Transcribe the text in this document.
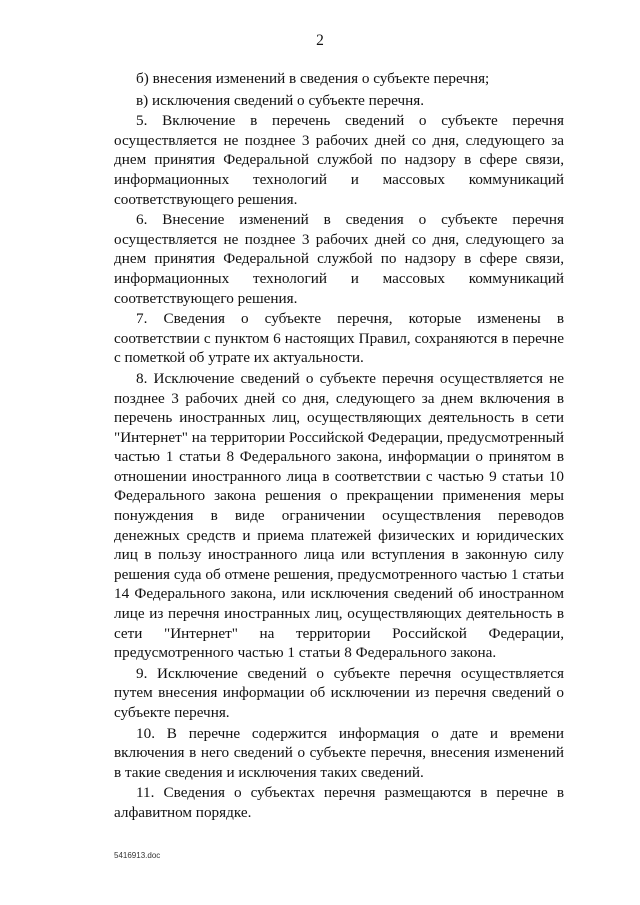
2

б) внесения изменений в сведения о субъекте перечня;

в) исключения сведений о субъекте перечня.

5. Включение в перечень сведений о субъекте перечня осуществляется не позднее 3 рабочих дней со дня, следующего за днем принятия Федеральной службой по надзору в сфере связи, информационных технологий и массовых коммуникаций соответствующего решения.

6. Внесение изменений в сведения о субъекте перечня осуществляется не позднее 3 рабочих дней со дня, следующего за днем принятия Федеральной службой по надзору в сфере связи, информационных технологий и массовых коммуникаций соответствующего решения.

7. Сведения о субъекте перечня, которые изменены в соответствии с пунктом 6 настоящих Правил, сохраняются в перечне с пометкой об утрате их актуальности.

8. Исключение сведений о субъекте перечня осуществляется не позднее 3 рабочих дней со дня, следующего за днем включения в перечень иностранных лиц, осуществляющих деятельность в сети "Интернет" на территории Российской Федерации, предусмотренный частью 1 статьи 8 Федерального закона, информации о принятом в отношении иностранного лица в соответствии с частью 9 статьи 10 Федерального закона решения о прекращении применения меры понуждения в виде ограничении осуществления переводов денежных средств и приема платежей физических и юридических лиц в пользу иностранного лица или вступления в законную силу решения суда об отмене решения, предусмотренного частью 1 статьи 14 Федерального закона, или исключения сведений об иностранном лице из перечня иностранных лиц, осуществляющих деятельность в сети "Интернет" на территории Российской Федерации, предусмотренного частью 1 статьи 8 Федерального закона.

9. Исключение сведений о субъекте перечня осуществляется путем внесения информации об исключении из перечня сведений о субъекте перечня.

10. В перечне содержится информация о дате и времени включения в него сведений о субъекте перечня, внесения изменений в такие сведения и исключения таких сведений.

11. Сведения о субъектах перечня размещаются в перечне в алфавитном порядке.

5416913.doc
